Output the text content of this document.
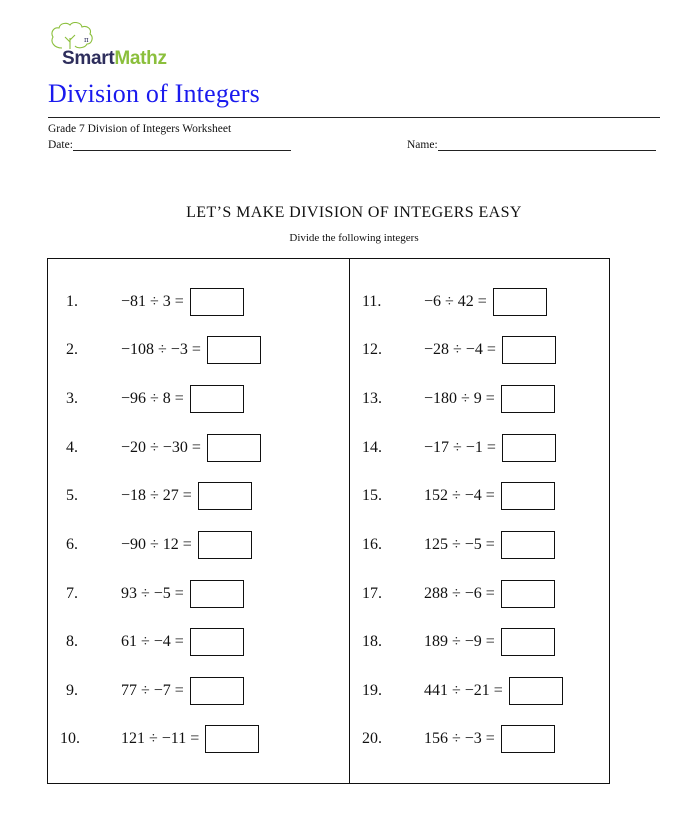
π
SmartMathz
Division of Integers
Grade 7 Division of Integers Worksheet
Date:	Name:
LET’S MAKE DIVISION OF INTEGERS EASY
Divide the following integers
1.	−81 ÷ 3 =
2.	−108 ÷ −3 =
3.	−96 ÷ 8 =
4.	−20 ÷ −30 =
5.	−18 ÷ 27 =
6.	−90 ÷ 12 =
7.	93 ÷ −5 =
8.	61 ÷ −4 =
9.	77 ÷ −7 =
10.	121 ÷ −11 =
11.	−6 ÷ 42 =
12.	−28 ÷ −4 =
13.	−180 ÷ 9 =
14.	−17 ÷ −1 =
15.	152 ÷ −4 =
16.	125 ÷ −5 =
17.	288 ÷ −6 =
18.	189 ÷ −9 =
19.	441 ÷ −21 =
20.	156 ÷ −3 =
